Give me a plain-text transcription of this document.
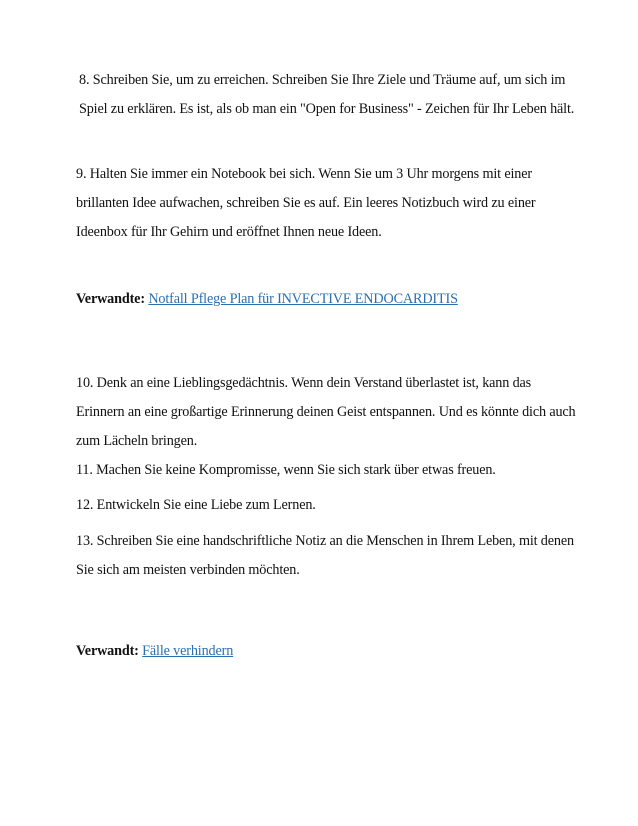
8. Schreiben Sie, um zu erreichen. Schreiben Sie Ihre Ziele und Träume auf, um sich im Spiel zu erklären. Es ist, als ob man ein "Open for Business" - Zeichen für Ihr Leben hält.

9. Halten Sie immer ein Notebook bei sich. Wenn Sie um 3 Uhr morgens mit einer brillanten Idee aufwachen, schreiben Sie es auf. Ein leeres Notizbuch wird zu einer Ideenbox für Ihr Gehirn und eröffnet Ihnen neue Ideen.

Verwandte: Notfall Pflege Plan für INVECTIVE ENDOCARDITIS

10. Denk an eine Lieblingsgedächtnis. Wenn dein Verstand überlastet ist, kann das Erinnern an eine großartige Erinnerung deinen Geist entspannen. Und es könnte dich auch zum Lächeln bringen.

11. Machen Sie keine Kompromisse, wenn Sie sich stark über etwas freuen.

12. Entwickeln Sie eine Liebe zum Lernen.

13. Schreiben Sie eine handschriftliche Notiz an die Menschen in Ihrem Leben, mit denen Sie sich am meisten verbinden möchten.

Verwandt: Fälle verhindern
